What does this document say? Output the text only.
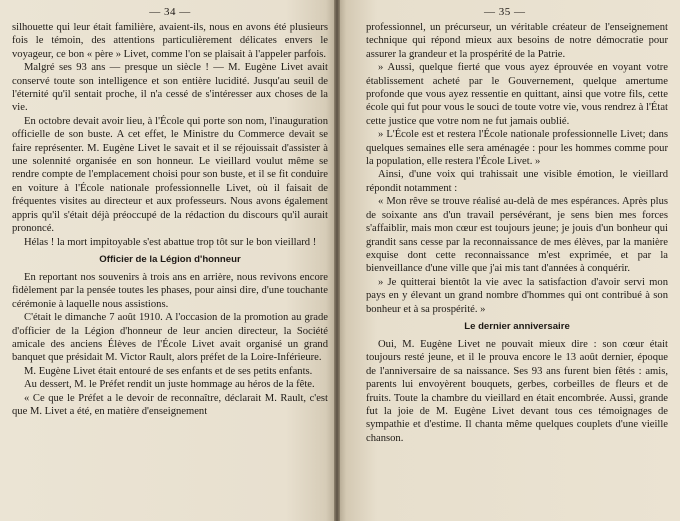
— 34 —

silhouette qui leur était familière, avaient-ils, nous en avons été plusieurs fois le témoin, des attentions particulièrement délicates envers le voyageur, ce bon « père » Livet, comme l'on se plaisait à l'appeler parfois.

Malgré ses 93 ans — presque un siècle ! — M. Eugène Livet avait conservé toute son intelligence et son entière lucidité. Jusqu'au seuil de l'éternité qu'il sentait proche, il n'a cessé de s'intéresser aux choses de la vie.

En octobre devait avoir lieu, à l'École qui porte son nom, l'inauguration officielle de son buste. A cet effet, le Ministre du Commerce devait se faire représenter. M. Eugène Livet le savait et il se réjouissait d'assister à une solennité organisée en son honneur. Le vieillard voulut même se rendre compte de l'emplacement choisi pour son buste, et il se fit conduire en voiture à l'École nationale professionnelle Livet, où il faisait de fréquentes visites au directeur et aux professeurs. Nous avons également appris qu'il s'était déjà préoccupé de la rédaction du discours qu'il aurait prononcé.

Hélas ! la mort impitoyable s'est abattue trop tôt sur le bon vieillard !

Officier de la Légion d'honneur

En reportant nos souvenirs à trois ans en arrière, nous revivons encore fidèlement par la pensée toutes les phases, pour ainsi dire, d'une touchante cérémonie à laquelle nous assistions.

C'était le dimanche 7 août 1910. A l'occasion de la promotion au grade d'officier de la Légion d'honneur de leur ancien directeur, la Société amicale des anciens Élèves de l'École Livet avait organisé un grand banquet que présidait M. Victor Rault, alors préfet de la Loire-Inférieure.

M. Eugène Livet était entouré de ses enfants et de ses petits enfants.

Au dessert, M. le Préfet rendit un juste hommage au héros de la fête.

« Ce que le Préfet a le devoir de reconnaître, déclarait M. Rault, c'est que M. Livet a été, en matière d'enseignement

— 35 —

professionnel, un précurseur, un véritable créateur de l'enseignement technique qui répond mieux aux besoins de notre démocratie pour assurer la grandeur et la prospérité de la Patrie.

» Aussi, quelque fierté que vous ayez éprouvée en voyant votre établissement acheté par le Gouvernement, quelque amertume profonde que vous ayez ressentie en quittant, ainsi que votre fils, cette école qui fut pour vous le souci de toute votre vie, vous rendrez à l'État cette justice que votre nom ne fut jamais oublié.

» L'École est et restera l'École nationale professionnelle Livet; dans quelques semaines elle sera aménagée : pour les hommes comme pour la population, elle restera l'École Livet. »

Ainsi, d'une voix qui trahissait une visible émotion, le vieillard répondit notamment :

« Mon rêve se trouve réalisé au-delà de mes espérances. Après plus de soixante ans d'un travail persévérant, je sens bien mes forces s'affaiblir, mais mon cœur est toujours jeune; je jouis d'un bonheur qui grandit sans cesse par la reconnaissance de mes élèves, par la manière exquise dont cette reconnaissance m'est exprimée, et par la bienveillance d'une ville que j'ai mis tant d'années à conquérir.

» Je quitterai bientôt la vie avec la satisfaction d'avoir servi mon pays en y élevant un grand nombre d'hommes qui ont contribué à son bonheur et à sa prospérité. »

Le dernier anniversaire

Oui, M. Eugène Livet ne pouvait mieux dire : son cœur était toujours resté jeune, et il le prouva encore le 13 août dernier, époque de l'anniversaire de sa naissance. Ses 93 ans furent bien fêtés : amis, parents lui envoyèrent bouquets, gerbes, corbeilles de fleurs et de fruits. Toute la chambre du vieillard en était encombrée. Aussi, grande fut la joie de M. Eugène Livet devant tous ces témoignages de sympathie et d'estime. Il chanta même quelques couplets d'une vieille chanson.
